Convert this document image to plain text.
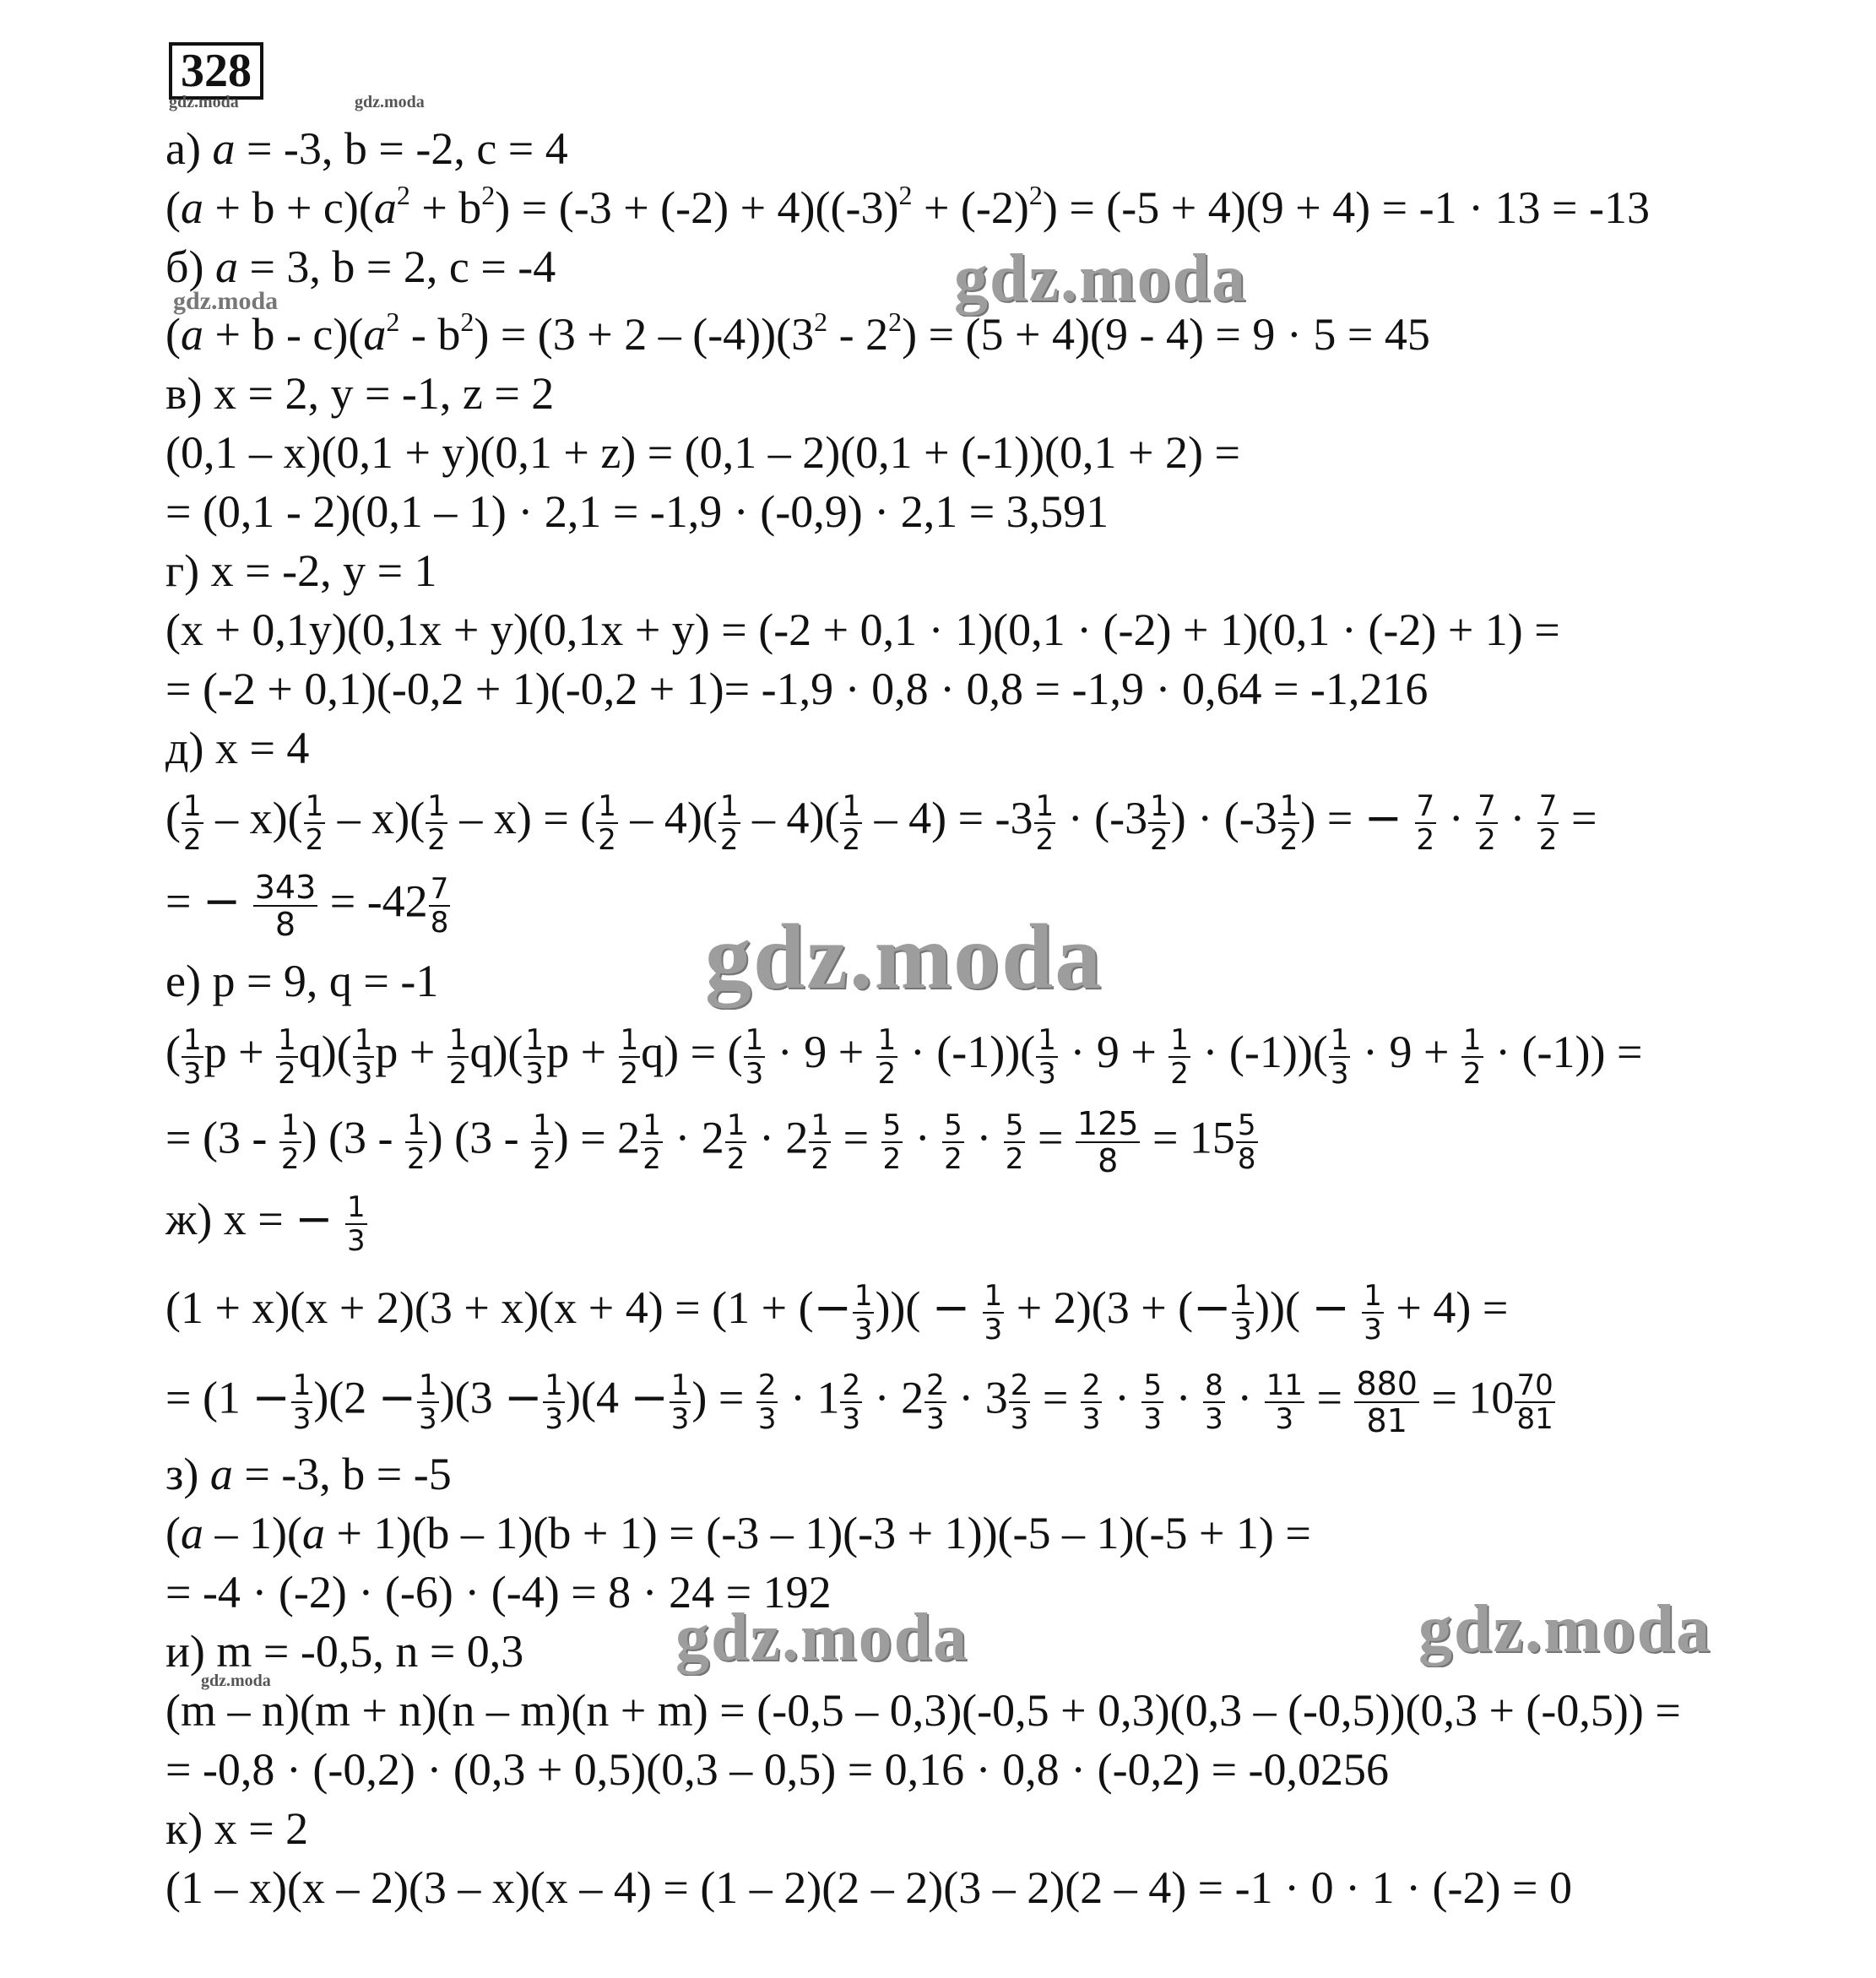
328
gdz.moda	gdz.moda
gdz.moda
gdz.moda
gdz.moda
gdz.moda
gdz.moda	gdz.moda
а) a = -3, b = -2, c = 4
$(a + b + c)(a^2 + b^2) = (-3 + (-2) + 4)((-3)^2 + (-2)^2) = (-5 + 4)(9 + 4) = -1 \cdot 13 = -13$
б) a = 3, b = 2, c = -4
$(a + b - c)(a^2 - b^2) = (3 + 2 - (-4))(3^2 - 2^2) = (5 + 4)(9 - 4) = 9 \cdot 5 = 45$
в) x = 2, y = -1, z = 2
(0,1 – x)(0,1 + y)(0,1 + z) = (0,1 – 2)(0,1 + (-1))(0,1 + 2) =
= (0,1 - 2)(0,1 – 1) · 2,1 = -1,9 · (-0,9) · 2,1 = 3,591
г) x = -2, y = 1
(x + 0,1y)(0,1x + y)(0,1x + y) = (-2 + 0,1 · 1)(0,1 · (-2) + 1)(0,1 · (-2) + 1) =
= (-2 + 0,1)(-0,2 + 1)(-0,2 + 1)= -1,9 · 0,8 · 0,8 = -1,9 · 0,64 = -1,216
д) x = 4
( $\frac{1}{2} - x)( \frac{1}{2} - x)( \frac{1}{2} - x)$ = ( $\frac{1}{2} - 4)( \frac{1}{2} - 4)( \frac{1}{2} - 4) = -3 \frac{1}{2} \cdot (-3 \frac{1}{2}$ ) · ($-3 \frac{1}{2}$ ) = − $\frac{7}{2} \cdot \frac{7}{2} \cdot \frac{7}{2}$ =
= − $\frac{343}{8} = -42 \frac{7}{8}$
е) p = 9, q = -1
( $\frac{1}{3}$ $p + \frac{1}{2} q)( \frac{1}{3}$ $p + \frac{1}{2} q)( \frac{1}{3}$ $p + \frac{1}{2} q$) = ( $\frac{1}{3} \cdot 9 + \frac{1}{2} \cdot (-1))( \frac{1}{3} \cdot 9 + \frac{1}{2} \cdot (-1))( \frac{1}{3} \cdot 9 + \frac{1}{2} \cdot (-1))$ =
= ($3 - \frac{1}{2}$ ) ($3 - \frac{1}{2}$ ) ($3 - \frac{1}{2}$ ) = $2 \frac{1}{2} \cdot 2 \frac{1}{2} \cdot 2 \frac{1}{2} = \frac{5}{2} \cdot \frac{5}{2} \cdot \frac{5}{2} = \frac{125}{8} = 15 \frac{5}{8}$
ж) x = − $\frac{1}{3}$
(1 + x)(x + 2)(3 + x)(x + 4) = (1 + (− $\frac{1}{3}$ ))( − $\frac{1}{3} + 2)(3$ + (− $\frac{1}{3}$ ))( − $\frac{1}{3} + 4$) =
= $(1 - \frac{1}{3} )(2 - \frac{1}{3} )(3 - \frac{1}{3} )(4 - \frac{1}{3}$ ) = $\frac{2}{3} \cdot 1 \frac{2}{3} \cdot 2 \frac{2}{3} \cdot 3 \frac{2}{3} = \frac{2}{3} \cdot \frac{5}{3} \cdot \frac{8}{3} \cdot \frac{11}{3} = \frac{880}{81} = 10 \frac{70}{81}$
з) a = -3, b = -5
(a – 1)(a + 1)(b – 1)(b + 1) = (-3 – 1)(-3 + 1))(-5 – 1)(-5 + 1) =
= -4 · (-2) · (-6) · (-4) = 8 · 24 = 192
и) m = -0,5, n = 0,3
(m – n)(m + n)(n – m)(n + m) = (-0,5 – 0,3)(-0,5 + 0,3)(0,3 – (-0,5))(0,3 + (-0,5)) =
= -0,8 · (-0,2) · (0,3 + 0,5)(0,3 – 0,5) = 0,16 · 0,8 · (-0,2) = -0,0256
к) x = 2
(1 – x)(x – 2)(3 – x)(x – 4) = (1 – 2)(2 – 2)(3 – 2)(2 – 4) = -1 · 0 · 1 · (-2) = 0
